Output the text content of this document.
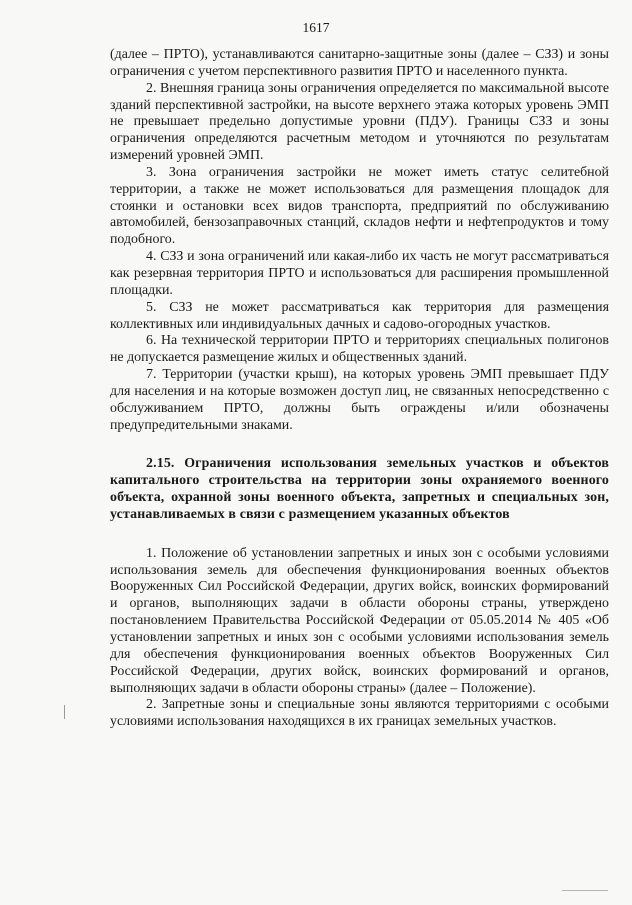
1617

(далее – ПРТО), устанавливаются санитарно-защитные зоны (далее – СЗЗ) и зоны ограничения с учетом перспективного развития ПРТО и населенного пункта.

2. Внешняя граница зоны ограничения определяется по максимальной высоте зданий перспективной застройки, на высоте верхнего этажа которых уровень ЭМП не превышает предельно допустимые уровни (ПДУ). Границы СЗЗ и зоны ограничения определяются расчетным методом и уточняются по результатам измерений уровней ЭМП.

3. Зона ограничения застройки не может иметь статус селитебной территории, а также не может использоваться для размещения площадок для стоянки и остановки всех видов транспорта, предприятий по обслуживанию автомобилей, бензозаправочных станций, складов нефти и нефтепродуктов и тому подобного.

4. СЗЗ и зона ограничений или какая-либо их часть не могут рассматриваться как резервная территория ПРТО и использоваться для расширения промышленной площадки.

5. СЗЗ не может рассматриваться как территория для размещения коллективных или индивидуальных дачных и садово-огородных участков.

6. На технической территории ПРТО и территориях специальных полигонов не допускается размещение жилых и общественных зданий.

7. Территории (участки крыш), на которых уровень ЭМП превышает ПДУ для населения и на которые возможен доступ лиц, не связанных непосредственно с обслуживанием ПРТО, должны быть ограждены и/или обозначены предупредительными знаками.

2.15. Ограничения использования земельных участков и объектов капитального строительства на территории зоны охраняемого военного объекта, охранной зоны военного объекта, запретных и специальных зон, устанавливаемых в связи с размещением указанных объектов

1. Положение об установлении запретных и иных зон с особыми условиями использования земель для обеспечения функционирования военных объектов Вооруженных Сил Российской Федерации, других войск, воинских формирований и органов, выполняющих задачи в области обороны страны, утверждено постановлением Правительства Российской Федерации от 05.05.2014 № 405 «Об установлении запретных и иных зон с особыми условиями использования земель для обеспечения функционирования военных объектов Вооруженных Сил Российской Федерации, других войск, воинских формирований и органов, выполняющих задачи в области обороны страны» (далее – Положение).

2. Запретные зоны и специальные зоны являются территориями с особыми условиями использования находящихся в их границах земельных участков.
